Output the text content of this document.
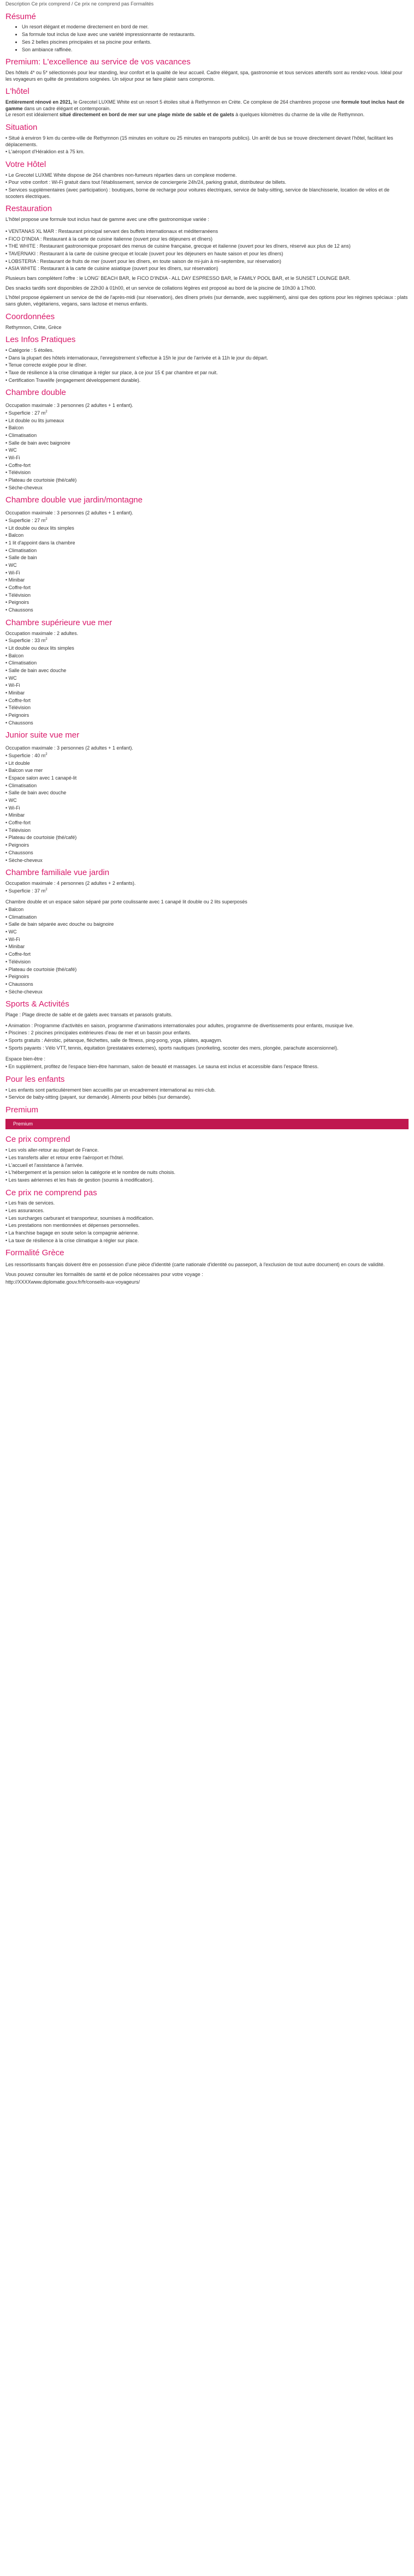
Description Ce prix comprend / Ce prix ne comprend pas Formalités
Résumé
• Un resort élégant et moderne directement en bord de mer.
• Sa formule tout inclus de luxe avec une variété impressionnante de restaurants.
• Ses 2 belles piscines principales et sa piscine pour enfants.
• Son ambiance raffinée.
Premium: L'excellence au service de vos vacances

Des hôtels 4* ou 5* sélectionnés pour leur standing, leur confort et la qualité de leur accueil. Cadre élégant, spa, gastronomie et tous services attentifs sont au rendez-vous. Idéal pour les voyageurs en quête de prestations soignées. Un séjour pour se faire plaisir sans compromis.

L'hôtel

Entièrement rénové en 2021, le Grecotel LUXME White est un resort 5 étoiles situé à Rethymnon en Crète. Ce complexe de 264 chambres propose une formule tout inclus haut de gamme dans un cadre élégant et contemporain.
Le resort est idéalement situé directement en bord de mer sur une plage mixte de sable et de galets à quelques kilomètres du charme de la ville de Rethymnon.

Situation
• Situé à environ 9 km du centre-ville de Rethymnon (15 minutes en voiture ou 25 minutes en transports publics). Un arrêt de bus se trouve directement devant l'hôtel, facilitant les déplacements.
• L'aéroport d'Héraklion est à 75 km.
Votre Hôtel
• Le Grecotel LUXME White dispose de 264 chambres non-fumeurs réparties dans un complexe moderne.
• Pour votre confort : Wi-Fi gratuit dans tout l'établissement, service de conciergerie 24h/24, parking gratuit, distributeur de billets.
• Services supplémentaires (avec participation) : boutiques, borne de recharge pour voitures électriques, service de baby-sitting, service de blanchisserie, location de vélos et de scooters électriques.
Restauration

L'hôtel propose une formule tout inclus haut de gamme avec une offre gastronomique variée :

• VENTANAS XL MAR : Restaurant principal servant des buffets internationaux et méditerranéens
• FICO D'INDIA : Restaurant à la carte de cuisine italienne (ouvert pour les déjeuners et dîners)
• THE WHITE : Restaurant gastronomique proposant des menus de cuisine française, grecque et italienne (ouvert pour les dîners, réservé aux plus de 12 ans)
• TAVERNAKI : Restaurant à la carte de cuisine grecque et locale (ouvert pour les déjeuners en haute saison et pour les dîners)
• LOBSTERIA : Restaurant de fruits de mer (ouvert pour les dîners, en toute saison de mi-juin à mi-septembre, sur réservation)
• ASIA WHITE : Restaurant à la carte de cuisine asiatique (ouvert pour les dîners, sur réservation)

Plusieurs bars complètent l'offre : le LONG' BEACH BAR, le FICO D'INDIA - ALL DAY ESPRESSO BAR, le FAMILY POOL BAR, et le SUNSET LOUNGE BAR.

Des snacks tardifs sont disponibles de 22h30 à 01h00, et un service de collations légères est proposé au bord de la piscine de 10h30 à 17h00.

L'hôtel propose également un service de thé de l'après-midi (sur réservation), des dîners privés (sur demande, avec supplément), ainsi que des options pour les régimes spéciaux : plats sans gluten, végétariens, vegans, sans lactose et menus enfants.

Coordonnées

Rethymnon, Crète, Grèce

Les Infos Pratiques
• Catégorie : 5 étoiles.
• Dans la plupart des hôtels internationaux, l'enregistrement s'effectue à 15h le jour de l'arrivée et à 11h le jour du départ.
• Tenue correcte exigée pour le dîner.
• Taxe de résilience à la crise climatique à régler sur place, à ce jour 15 € par chambre et par nuit.
• Certification Travelife (engagement développement durable).
Chambre double
Occupation maximale : 3 personnes (2 adultes + 1 enfant).
• Superficie : 27 $m^2$
• Lit double ou lits jumeaux
• Balcon
• Climatisation
• Salle de bain avec baignoire
• WC
• Wi-Fi
• Coffre-fort
• Télévision
• Plateau de courtoisie (thé/café)
• Sèche-cheveux
Chambre double vue jardin/montagne
Occupation maximale : 3 personnes (2 adultes + 1 enfant).
• Superficie : 27 $m^2$
• Lit double ou deux lits simples
• Balcon
• 1 lit d'appoint dans la chambre
• Climatisation
• Salle de bain
• WC
• Wi-Fi
• Minibar
• Coffre-fort
• Télévision
• Peignoirs
• Chaussons
Chambre supérieure vue mer
Occupation maximale : 2 adultes.
• Superficie : 33 $m^2$
• Lit double ou deux lits simples
• Balcon
• Climatisation
• Salle de bain avec douche
• WC
• Wi-Fi
• Minibar
• Coffre-fort
• Télévision
• Peignoirs
• Chaussons
Junior suite vue mer
Occupation maximale : 3 personnes (2 adultes + 1 enfant).
• Superficie : 40 $m^2$
• Lit double
• Balcon vue mer
• Espace salon avec 1 canapé-lit
• Climatisation
• Salle de bain avec douche
• WC
• Wi-Fi
• Minibar
• Coffre-fort
• Télévision
• Plateau de courtoisie (thé/café)
• Peignoirs
• Chaussons
• Sèche-cheveux
Chambre familiale vue jardin
Occupation maximale : 4 personnes (2 adultes + 2 enfants).
• Superficie : 37 $m^2$
Chambre double et un espace salon séparé par porte coulissante avec 1 canapé lit double ou 2 lits superposés
• Balcon
• Climatisation
• Salle de bain séparée avec douche ou baignoire
• WC
• Wi-Fi
• Minibar
• Coffre-fort
• Télévision
• Plateau de courtoisie (thé/café)
• Peignoirs
• Chaussons
• Sèche-cheveux
Sports & Activités

Plage : Plage directe de sable et de galets avec transats et parasols gratuits.

• Animation : Programme d'activités en saison, programme d'animations internationales pour adultes, programme de divertissements pour enfants, musique live.
• Piscines : 2 piscines principales extérieures d'eau de mer et un bassin pour enfants.
• Sports gratuits : Aérobic, pétanque, fléchettes, salle de fitness, ping-pong, yoga, pilates, aquagym.
• Sports payants : Vélo VTT, tennis, équitation (prestataires externes), sports nautiques (snorkeling, scooter des mers, plongée, parachute ascensionnel).
Espace bien-être :
• En supplément, profitez de l'espace bien-être hammam, salon de beauté et massages. Le sauna est inclus et accessible dans l'espace fitness.
Pour les enfants
• Les enfants sont particulièrement bien accueillis par un encadrement international au mini-club.
• Service de baby-sitting (payant, sur demande). Aliments pour bébés (sur demande).
Premium
Premium
Ce prix comprend
• Les vols aller-retour au départ de France.
• Les transferts aller et retour entre l'aéroport et l'hôtel.
• L'accueil et l'assistance à l'arrivée.
• L'hébergement et la pension selon la catégorie et le nombre de nuits choisis.
• Les taxes aériennes et les frais de gestion (soumis à modification).
Ce prix ne comprend pas
• Les frais de services.
• Les assurances.
• Les surcharges carburant et transporteur, soumises à modification.
• Les prestations non mentionnées et dépenses personnelles.
• La franchise bagage en soute selon la compagnie aérienne.
• La taxe de résilience à la crise climatique à régler sur place.
Formalité Grèce

Les ressortissants français doivent être en possession d'une pièce d'identité (carte nationale d'identité ou passeport, à l'exclusion de tout autre document) en cours de validité.

Vous pouvez consulter les formalités de santé et de police nécessaires pour votre voyage :
http://XXXXwww.diplomatie.gouv.fr/fr/conseils-aux-voyageurs/
